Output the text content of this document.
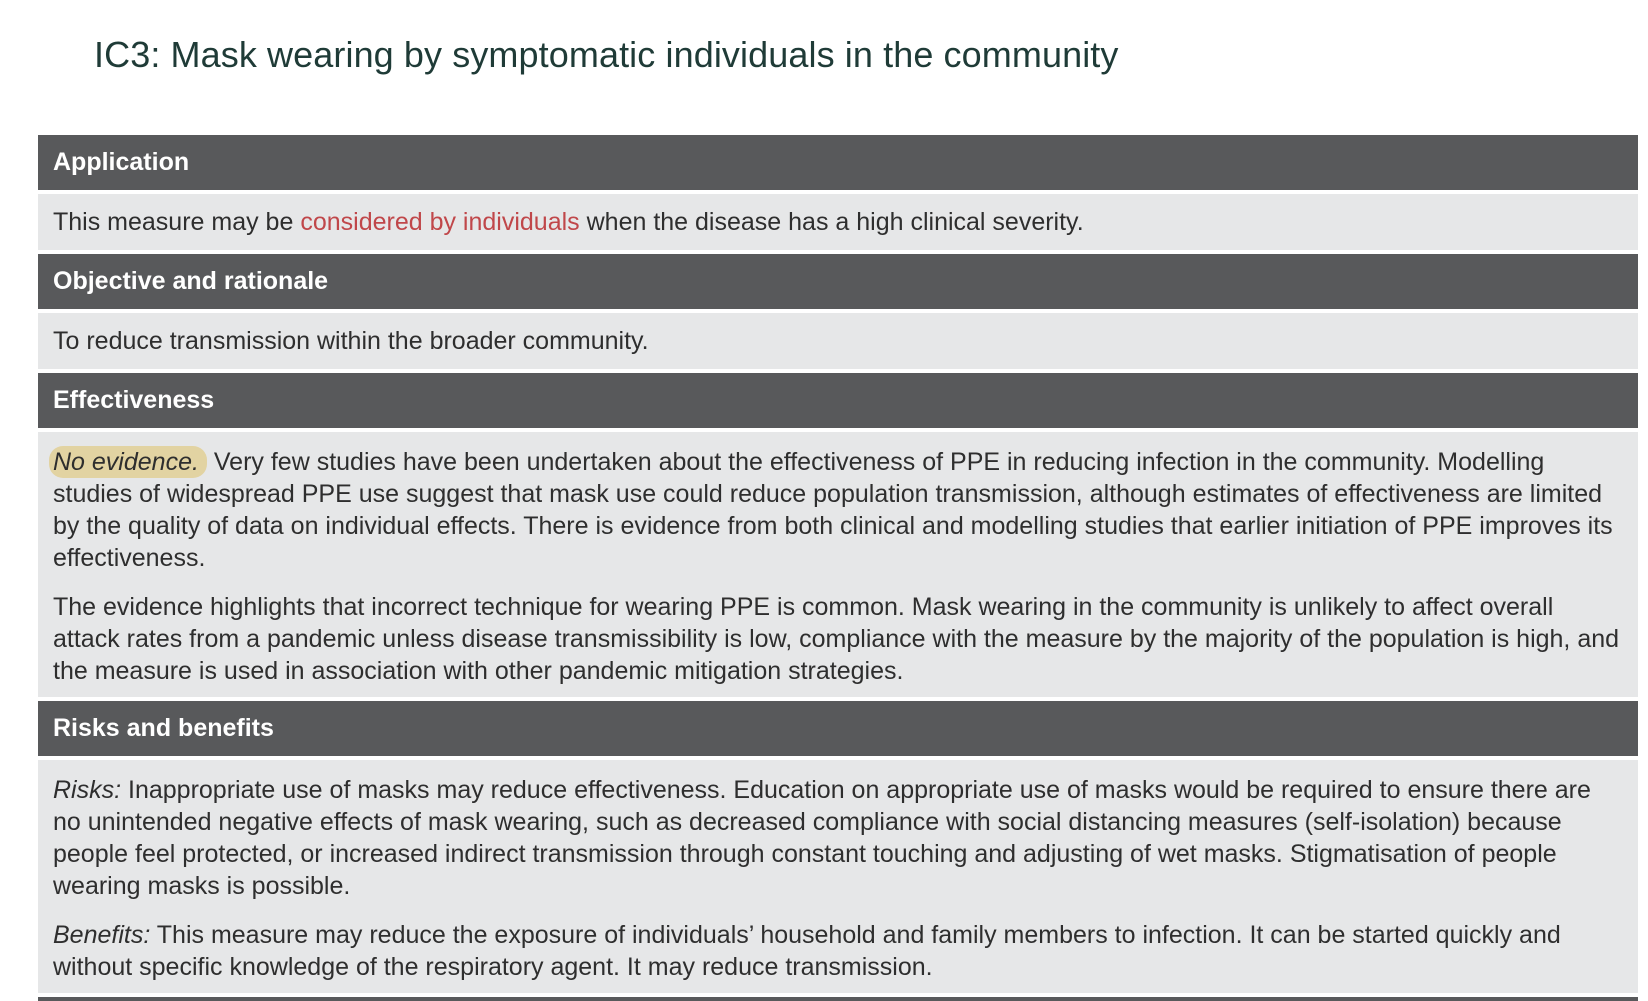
IC3: Mask wearing by symptomatic individuals in the community
Application
This measure may be considered by individuals when the disease has a high clinical severity.
Objective and rationale
To reduce transmission within the broader community.
Effectiveness

No evidence. Very few studies have been undertaken about the effectiveness of PPE in reducing infection in the community. Modelling studies of widespread PPE use suggest that mask use could reduce population transmission, although estimates of effectiveness are limited by the quality of data on individual effects. There is evidence from both clinical and modelling studies that earlier initiation of PPE improves its effectiveness.

The evidence highlights that incorrect technique for wearing PPE is common. Mask wearing in the community is unlikely to affect overall attack rates from a pandemic unless disease transmissibility is low, compliance with the measure by the majority of the population is high, and the measure is used in association with other pandemic mitigation strategies.

Risks and benefits

Risks: Inappropriate use of masks may reduce effectiveness. Education on appropriate use of masks would be required to ensure there are no unintended negative effects of mask wearing, such as decreased compliance with social distancing measures (self-isolation) because people feel protected, or increased indirect transmission through constant touching and adjusting of wet masks. Stigmatisation of people wearing masks is possible.

Benefits: This measure may reduce the exposure of individuals’ household and family members to infection. It can be started quickly and without specific knowledge of the respiratory agent. It may reduce transmission.
